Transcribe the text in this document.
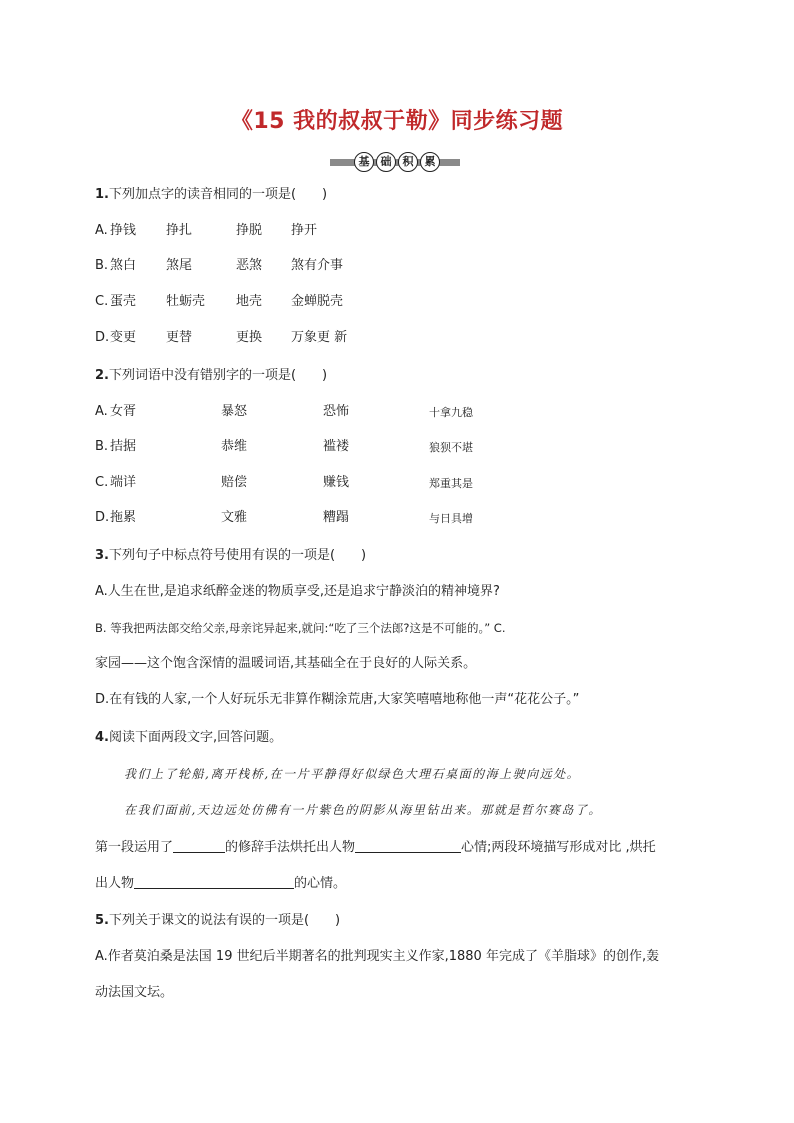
《15 我的叔叔于勒》同步练习题
基	础	积	累
1.下列加点字的读音相同的一项是(　　)
A. 挣钱 挣扎	挣脱 挣开
B. 煞白 煞尾	恶煞 煞有介事
C. 蛋壳 牡蛎壳 地壳 金蝉脱壳
D. 变更 更替	更换 万象更 新
2.下列词语中没有错别字的一项是(　　)
A. 女胥	暴怒	恐怖	十拿九稳
B. 拮据	恭维	褴褛	狼狈不堪
C. 端详	赔偿	赚钱	郑重其是
D. 拖累	文雅	糟蹋	与日具增
3.下列句子中标点符号使用有误的一项是(　　)
A.人生在世,是追求纸醉金迷的物质享受,还是追求宁静淡泊的精神境界?
B. 等我把两法郎交给父亲,母亲诧异起来,就问:“吃了三个法郎?这是不可能的。” C.
家园——这个饱含深情的温暖词语,其基础全在于良好的人际关系。
D.在有钱的人家,一个人好玩乐无非算作糊涂荒唐,大家笑嘻嘻地称他一声“花花公子。”
4.阅读下面两段文字,回答问题。
我们上了轮船,离开栈桥,在一片平静得好似绿色大理石桌面的海上驶向远处。
在我们面前,天边远处仿佛有一片紫色的阴影从海里钻出来。那就是哲尔赛岛了。
第一段运用了	的修辞手法烘托出人物	心情;两段环境描写形成对比 ,烘托
出人物	的心情。
5.下列关于课文的说法有误的一项是(　　)
A.作者莫泊桑是法国 19 世纪后半期著名的批判现实主义作家,1880 年完成了《羊脂球》的创作,轰
动法国文坛。
